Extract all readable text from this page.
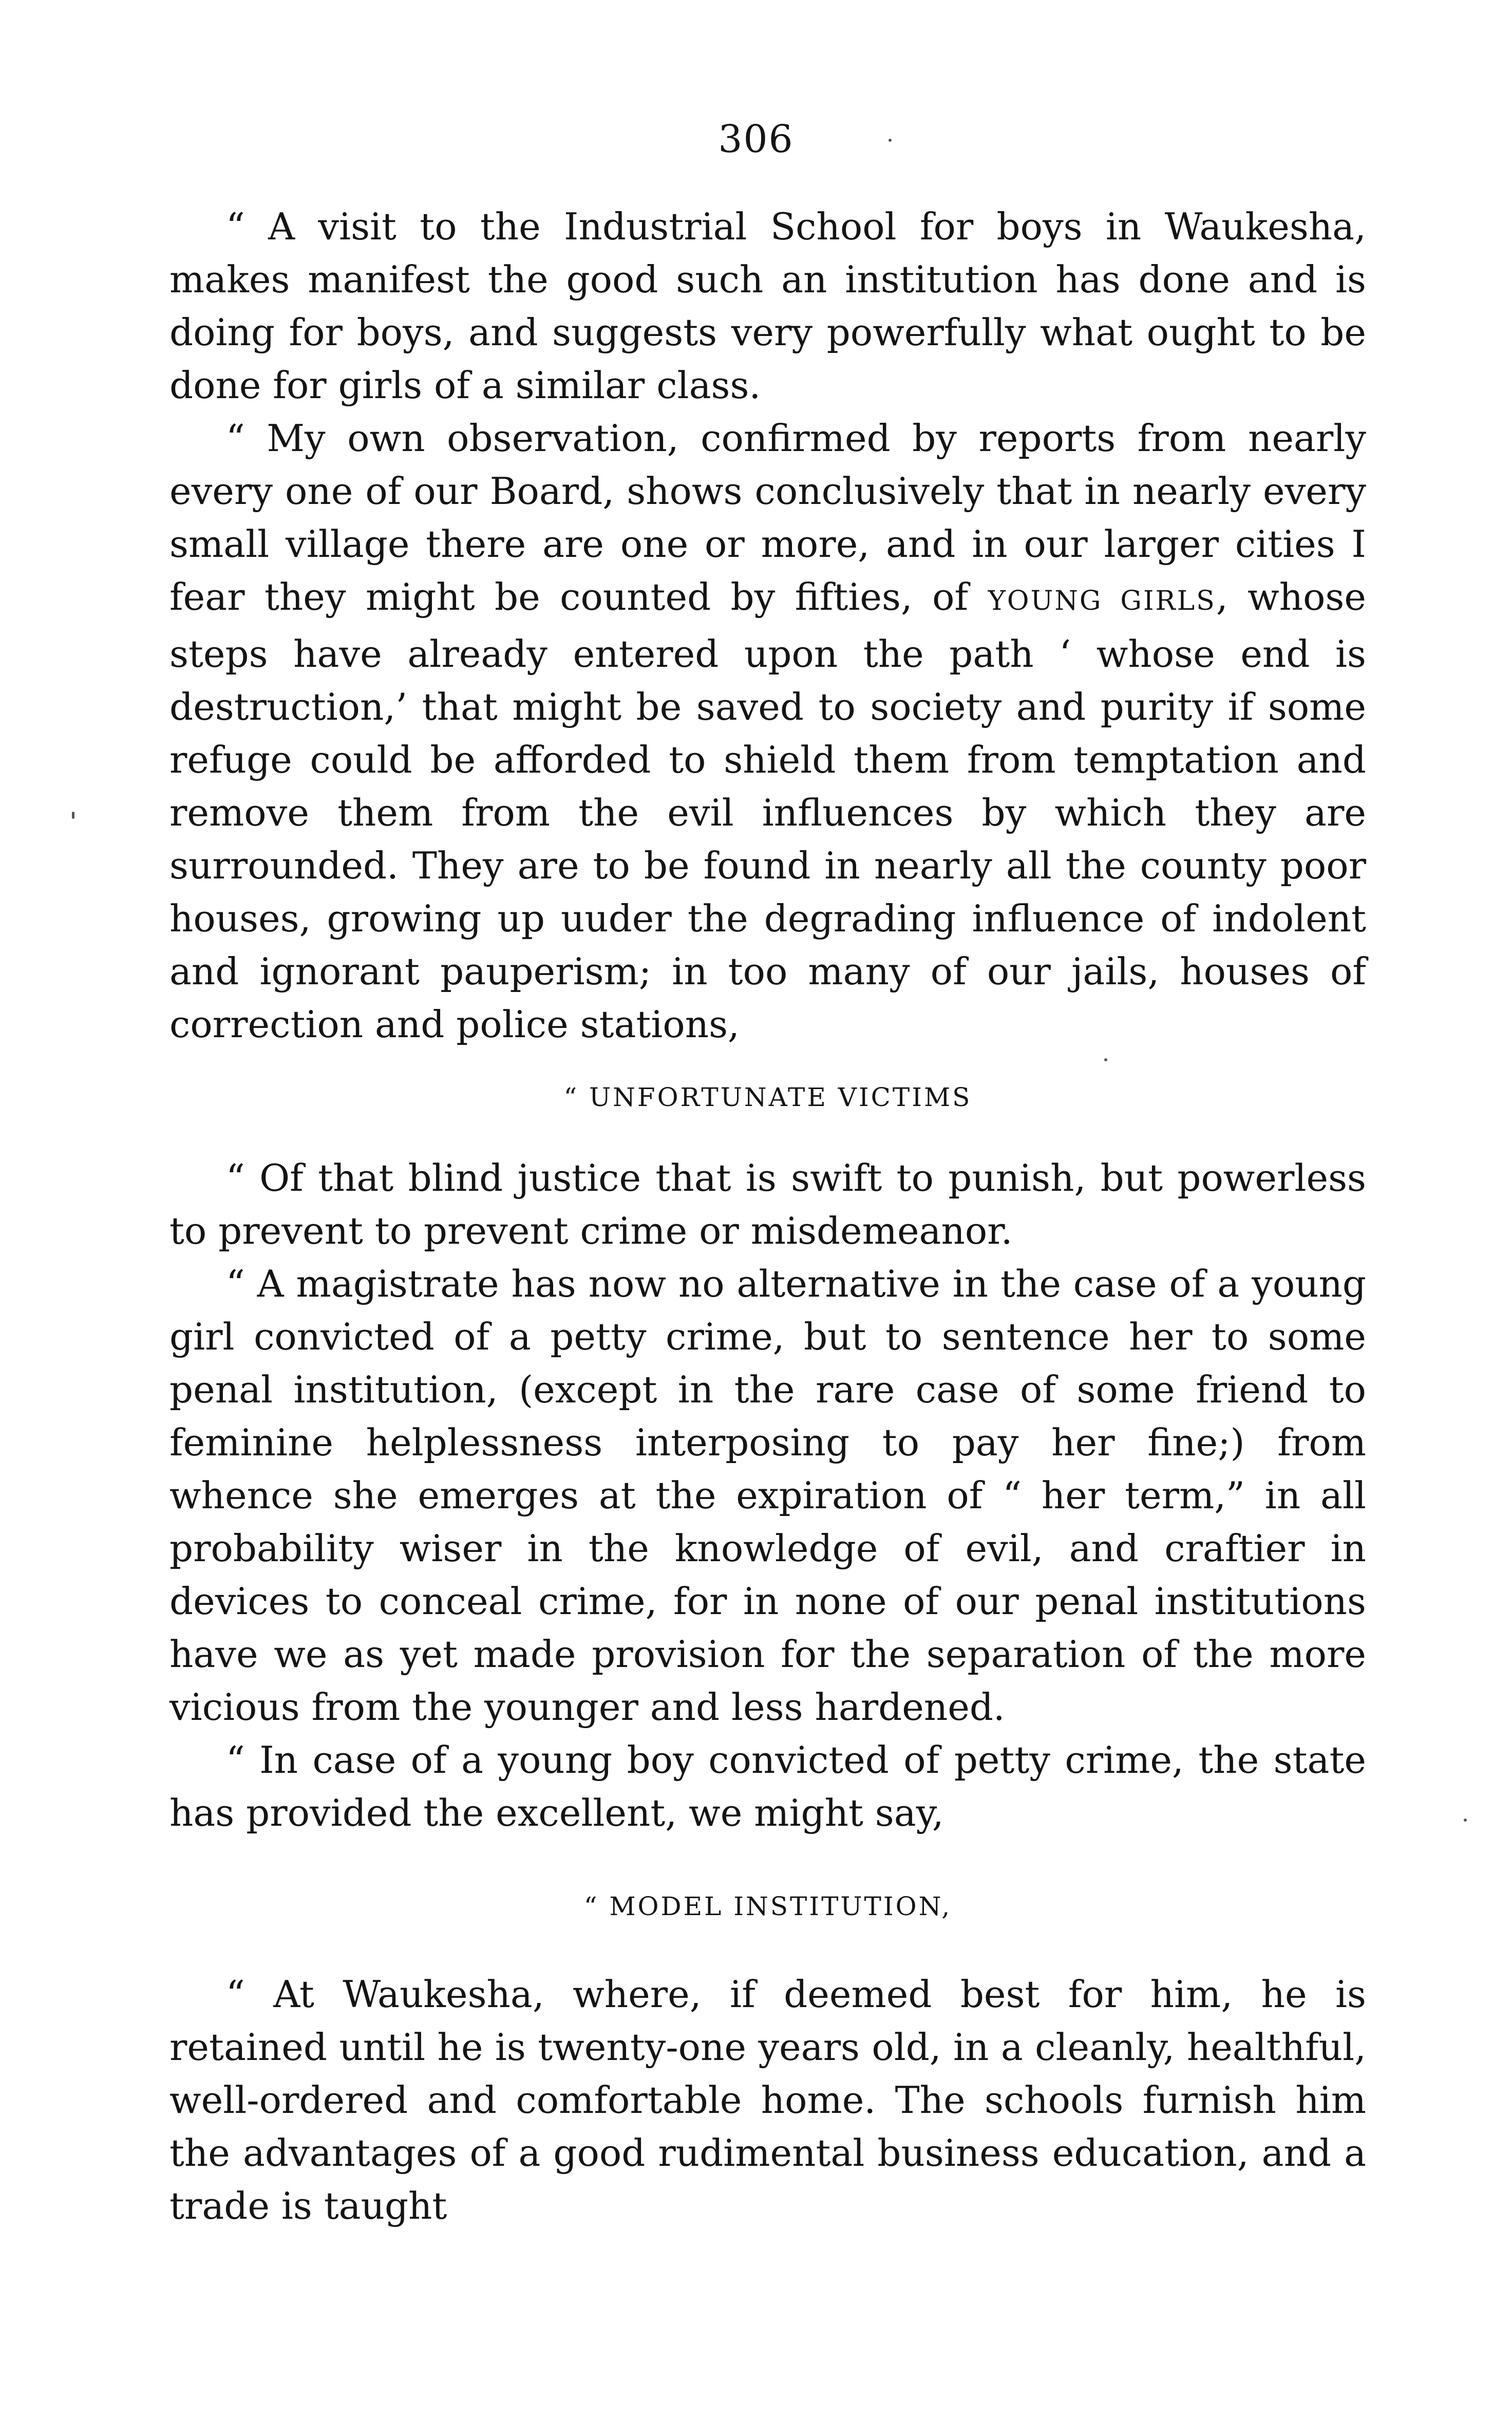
306

“ A visit to the Industrial School for boys in Waukesha, makes manifest the good such an institution has done and is doing for boys, and suggests very powerfully what ought to be done for girls of a similar class.

“ My own observation, confirmed by reports from nearly every one of our Board, shows conclusively that in nearly every small village there are one or more, and in our larger cities I fear they might be counted by fifties, of YOUNG GIRLS, whose steps have already entered upon the path ‘ whose end is destruction,’ that might be saved to society and purity if some refuge could be afforded to shield them from temptation and remove them from the evil influences by which they are surrounded. They are to be found in nearly all the county poor houses, growing up uuder the degrading influence of indolent and ignorant pauperism; in too many of our jails, houses of correction and police stations,

“ UNFORTUNATE VICTIMS

“ Of that blind justice that is swift to punish, but powerless to prevent to prevent crime or misdemeanor.

“ A magistrate has now no alternative in the case of a young girl convicted of a petty crime, but to sentence her to some penal institution, (except in the rare case of some friend to feminine helplessness interposing to pay her fine;) from whence she emerges at the expiration of “ her term,” in all probability wiser in the knowledge of evil, and craftier in devices to conceal crime, for in none of our penal institutions have we as yet made provision for the separation of the more vicious from the younger and less hardened.

“ In case of a young boy convicted of petty crime, the state has provided the excellent, we might say,

“ MODEL INSTITUTION,

“ At Waukesha, where, if deemed best for him, he is retained until he is twenty-one years old, in a cleanly, healthful, well-ordered and comfortable home. The schools furnish him the advantages of a good rudimental business education, and a trade is taught
